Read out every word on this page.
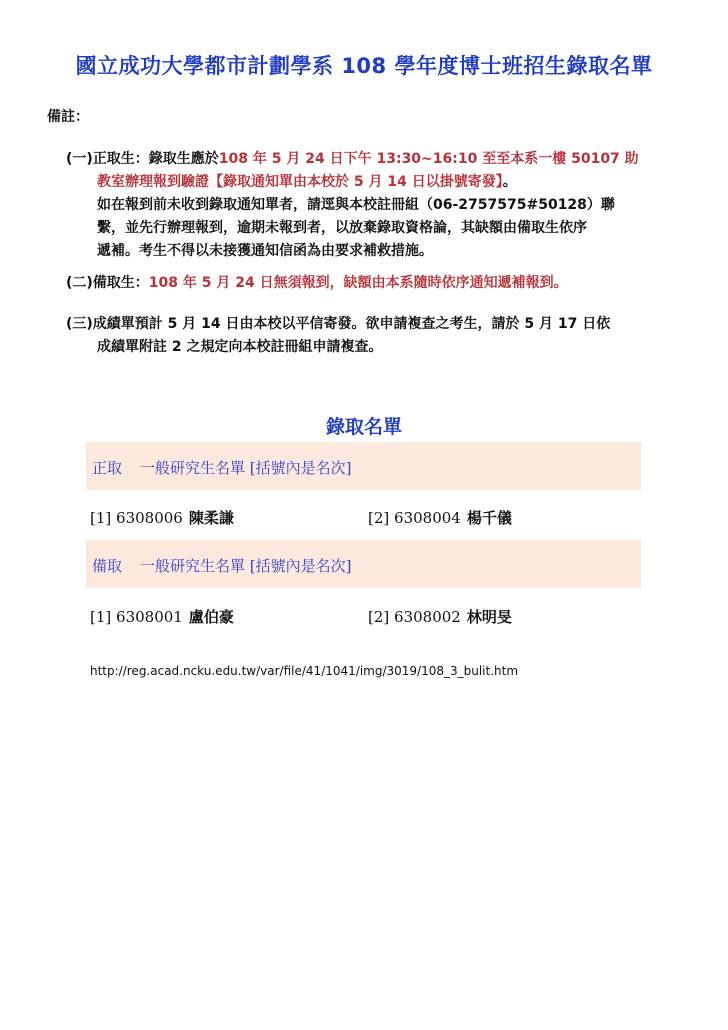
國立成功大學都市計劃學系 108 學年度博士班招生錄取名單
備註：
(一)正取生：錄取生應於108 年 5 月 24 日下午 13:30~16:10 至至本系一樓 50107 助
教室辦理報到驗證【錄取通知單由本校於 5 月 14 日以掛號寄發】。
如在報到前未收到錄取通知單者，請逕與本校註冊組（06-2757575#50128）聯
繫，並先行辦理報到，逾期未報到者，以放棄錄取資格論，其缺額由備取生依序
遞補。考生不得以未接獲通知信函為由要求補救措施。
(二)備取生：108 年 5 月 24 日無須報到，缺額由本系隨時依序通知遞補報到。
(三)成績單預計 5 月 14 日由本校以平信寄發。欲申請複查之考生，請於 5 月 17 日依
成績單附註 2 之規定向本校註冊組申請複查。
錄取名單
正取 一般研究生名單 [括號內是名次]
[1] 6308006 陳柔謙	[2] 6308004 楊千儀
備取 一般研究生名單 [括號內是名次]
[1] 6308001 盧伯豪	[2] 6308002 林明旻
http://reg.acad.ncku.edu.tw/var/file/41/1041/img/3019/108_3_bulit.htm
